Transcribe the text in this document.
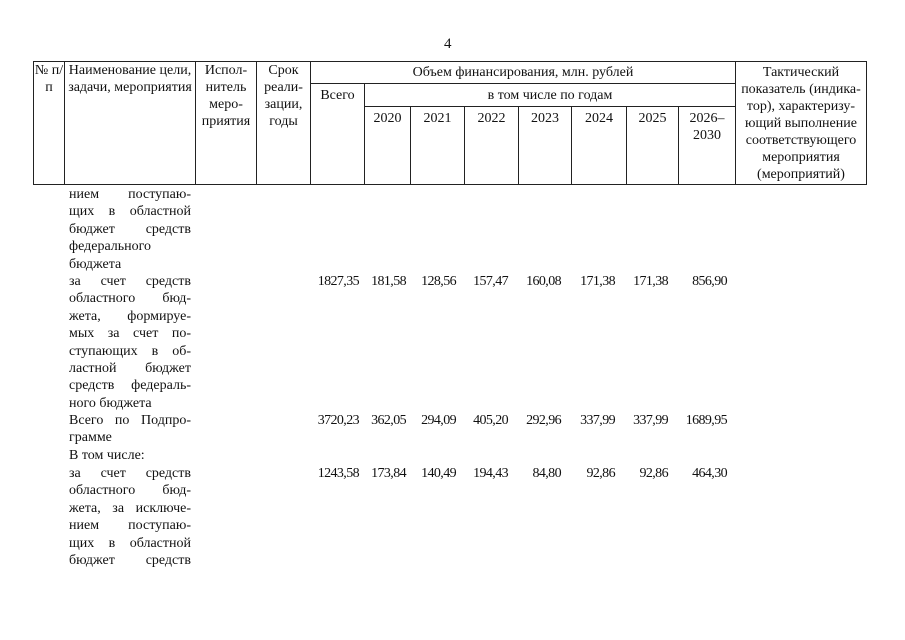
4
№ п/п	Наименование цели, задачи, мероприятия	Испол-нитель меро-приятия	Срок реали-зации, годы	Объем финансирования, млн. рублей								Тактический показатель (индика-тор), характеризу-ющий выполнение соответствующего мероприятия (мероприятий)
				Всего	в том числе по годам							
					2020	2021	2022	2023	2024	2025	2026–2030	
нием поступаю-
щих в областной
бюджет средств
федерального
бюджета
за счет средств
областного бюд-
жета, формируе-
мых за счет по-
ступающих в об-
ластной бюджет
средств федераль-
ного бюджета
1827,35 181,58 128,56 157,47 160,08 171,38 171,38 856,90
Всего по Подпро-
грамме
3720,23 362,05 294,09 405,20 292,96 337,99 337,99 1689,95
В том числе:
за счет средств
областного бюд-
жета, за исключе-
нием поступаю-
щих в областной
бюджет средств
1243,58 173,84 140,49 194,43 84,80 92,86 92,86 464,30
